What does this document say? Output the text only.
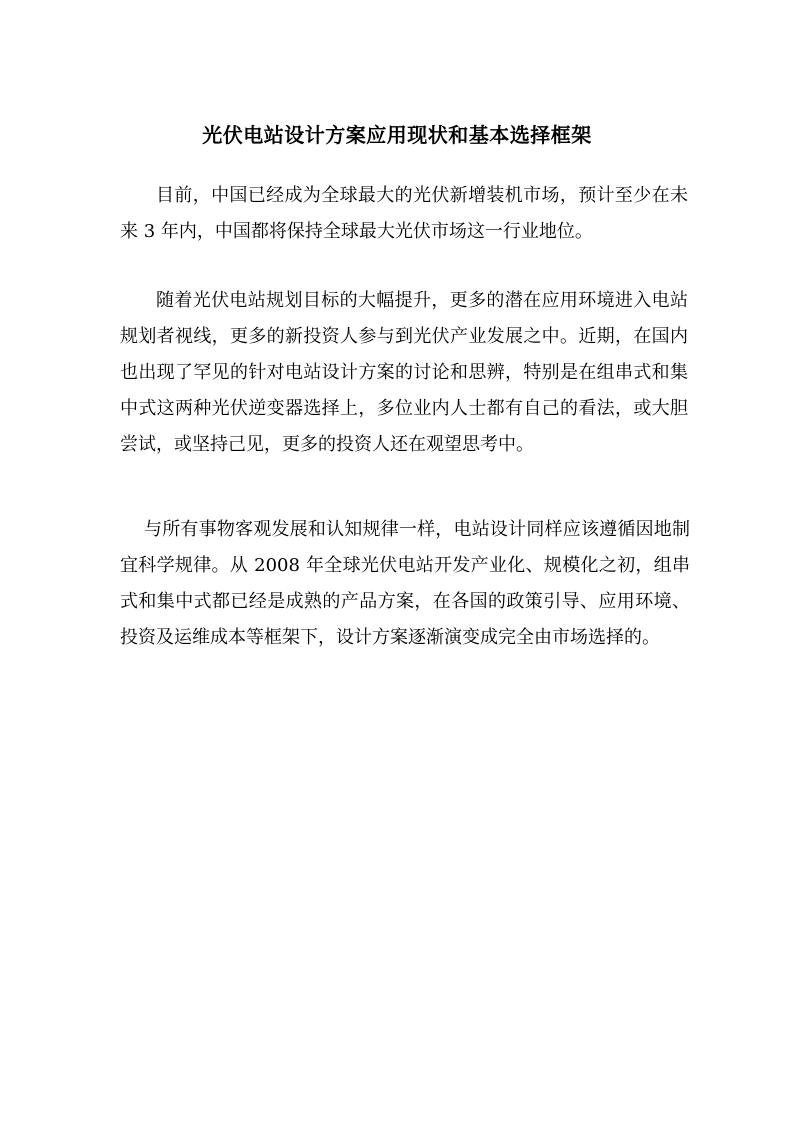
光伏电站设计方案应用现状和基本选择框架

目前，中国已经成为全球最大的光伏新增装机市场，预计至少在未来 3 年内，中国都将保持全球最大光伏市场这一行业地位。

随着光伏电站规划目标的大幅提升，更多的潜在应用环境进入电站规划者视线，更多的新投资人参与到光伏产业发展之中。近期，在国内也出现了罕见的针对电站设计方案的讨论和思辨，特别是在组串式和集中式这两种光伏逆变器选择上，多位业内人士都有自己的看法，或大胆尝试，或坚持己见，更多的投资人还在观望思考中。

与所有事物客观发展和认知规律一样，电站设计同样应该遵循因地制宜科学规律。从 2008 年全球光伏电站开发产业化、规模化之初，组串式和集中式都已经是成熟的产品方案，在各国的政策引导、应用环境、投资及运维成本等框架下，设计方案逐渐演变成完全由市场选择的。
